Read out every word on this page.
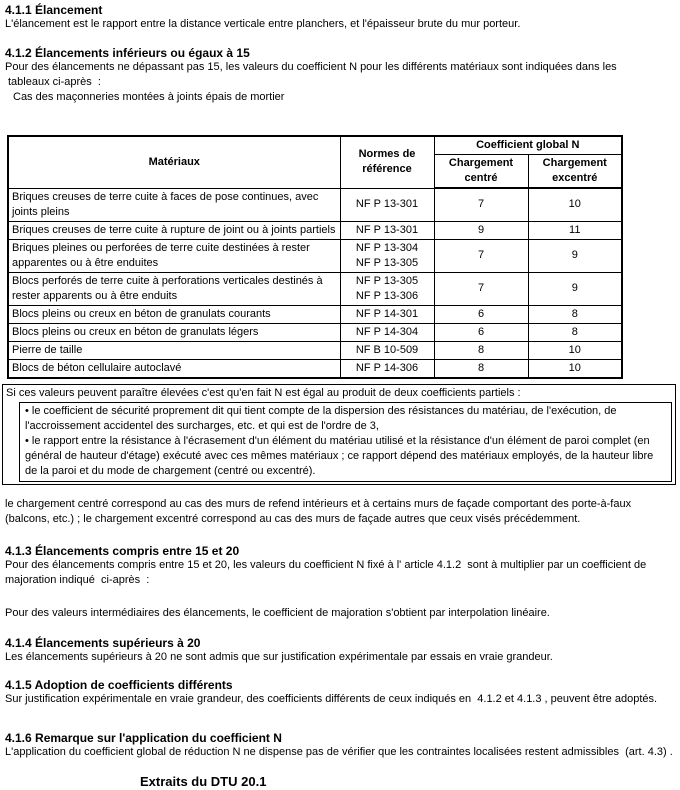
4.1.1 Élancement

L'élancement est le rapport entre la distance verticale entre planchers, et l'épaisseur brute du mur porteur.

4.1.2 Élancements inférieurs ou égaux à 15

Pour des élancements ne dépassant pas 15, les valeurs du coefficient N pour les différents matériaux sont indiquées dans les

tableaux ci-après  :

Cas des maçonneries montées à joints épais de mortier

Matériaux	Normes de référence	Coefficient global N	
		Chargement centré	Chargement excentré
Briques creuses de terre cuite à faces de pose continues, avec joints pleins	NF P 13-301	7	10
Briques creuses de terre cuite à rupture de joint ou à joints partiels	NF P 13-301	9	11
Briques pleines ou perforées de terre cuite destinées à rester apparentes ou à être enduites	NF P 13-304
NF P 13-305	7	9
Blocs perforés de terre cuite à perforations verticales destinés à rester apparents ou à être enduits	NF P 13-305
NF P 13-306	7	9
Blocs pleins ou creux en béton de granulats courants	NF P 14-301	6	8
Blocs pleins ou creux en béton de granulats légers	NF P 14-304	6	8
Pierre de taille	NF B 10-509	8	10
Blocs de béton cellulaire autoclavé	NF P 14-306	8	10

Si ces valeurs peuvent paraître élevées c'est qu'en fait N est égal au produit de deux coefficients partiels :

• le coefficient de sécurité proprement dit qui tient compte de la dispersion des résistances du matériau, de l'exécution, de l'accroissement accidentel des surcharges, etc. et qui est de l'ordre de 3,

• le rapport entre la résistance à l'écrasement d'un élément du matériau utilisé et la résistance d'un élément de paroi complet (en général de hauteur d'étage) exécuté avec ces mêmes matériaux ; ce rapport dépend des matériaux employés, de la hauteur libre de la paroi et du mode de chargement (centré ou excentré).

le chargement centré correspond au cas des murs de refend intérieurs et à certains murs de façade comportant des porte-à-faux (balcons, etc.) ; le chargement excentré correspond au cas des murs de façade autres que ceux visés précédemment.

4.1.3 Élancements compris entre 15 et 20

Pour des élancements compris entre 15 et 20, les valeurs du coefficient N fixé à l' article 4.1.2  sont à multiplier par un coefficient de majoration indiqué  ci-après  :

Pour des valeurs intermédiaires des élancements, le coefficient de majoration s'obtient par interpolation linéaire.

4.1.4 Élancements supérieurs à 20

Les élancements supérieurs à 20 ne sont admis que sur justification expérimentale par essais en vraie grandeur.

4.1.5 Adoption de coefficients différents

Sur justification expérimentale en vraie grandeur, des coefficients différents de ceux indiqués en  4.1.2 et 4.1.3 , peuvent être adoptés.

4.1.6 Remarque sur l'application du coefficient N

L'application du coefficient global de réduction N ne dispense pas de vérifier que les contraintes localisées restent admissibles  (art. 4.3) .

Extraits du DTU 20.1
